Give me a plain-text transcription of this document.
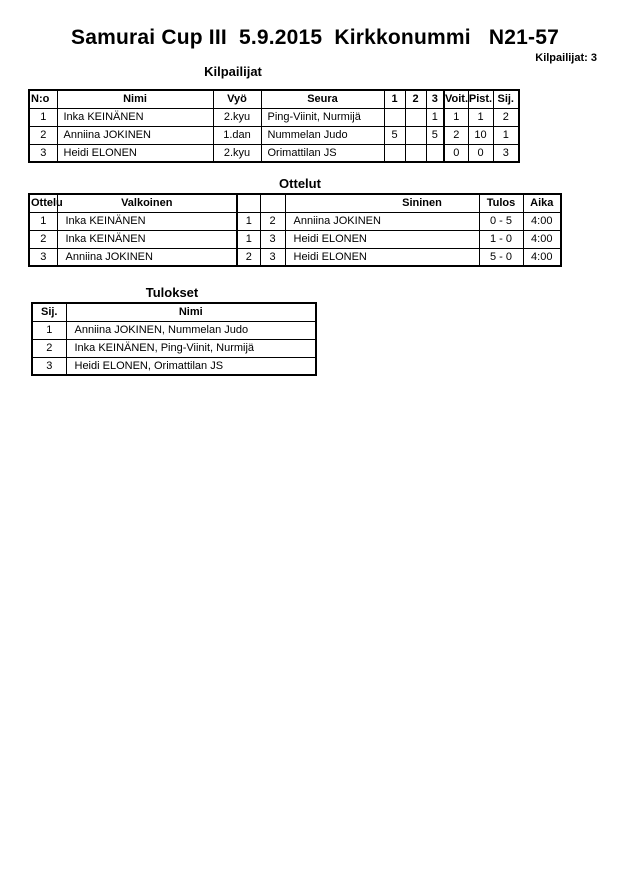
Samurai Cup III  5.9.2015  Kirkkonummi   N21-57
Kilpailijat: 3
Kilpailijat
N:o	Nimi	Vyö	Seura	1	2	3	Voit.	Pist.	Sij.
1	Inka KEINÄNEN	2.kyu	Ping-Viinit, Nurmijä			1	1	1	2
2	Anniina JOKINEN	1.dan	Nummelan Judo	5		5	2	10	1
3	Heidi ELONEN	2.kyu	Orimattilan JS				0	0	3
Ottelut
Ottelu	Valkoinen			Sininen	Tulos	Aika
1	Inka KEINÄNEN	1	2	Anniina JOKINEN	0 - 5	4:00
2	Inka KEINÄNEN	1	3	Heidi ELONEN	1 - 0	4:00
3	Anniina JOKINEN	2	3	Heidi ELONEN	5 - 0	4:00
Tulokset
Sij.	Nimi
1	Anniina JOKINEN, Nummelan Judo
2	Inka KEINÄNEN, Ping-Viinit, Nurmijä
3	Heidi ELONEN, Orimattilan JS
